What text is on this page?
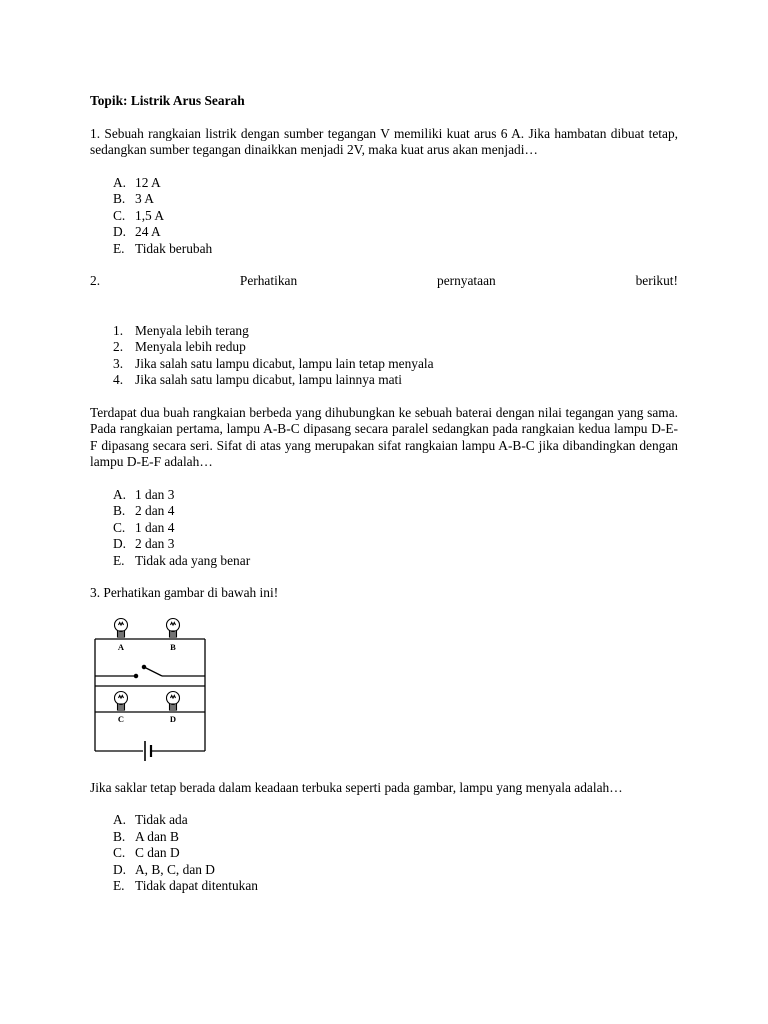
Topik: Listrik Arus Searah

1. Sebuah rangkaian listrik dengan sumber tegangan V memiliki kuat arus 6 A. Jika hambatan dibuat tetap, sedangkan sumber tegangan dinaikkan menjadi 2V, maka kuat arus akan menjadi…

A. 12 A
B. 3 A
C. 1,5 A
D. 24 A
E. Tidak berubah
2.	Perhatikan	pernyataan	berikut!
1. Menyala lebih terang
2. Menyala lebih redup
3. Jika salah satu lampu dicabut, lampu lain tetap menyala
4. Jika salah satu lampu dicabut, lampu lainnya mati

Terdapat dua buah rangkaian berbeda yang dihubungkan ke sebuah baterai dengan nilai tegangan yang sama. Pada rangkaian pertama, lampu A-B-C dipasang secara paralel sedangkan pada rangkaian kedua lampu D-E-F dipasang secara seri. Sifat di atas yang merupakan sifat rangkaian lampu A-B-C jika dibandingkan dengan lampu D-E-F adalah…

A. 1 dan 3
B. 2 dan 4
C. 1 dan 4
D. 2 dan 3
E. Tidak ada yang benar

3. Perhatikan gambar di bawah ini!

A	B
C	D

Jika saklar tetap berada dalam keadaan terbuka seperti pada gambar, lampu yang menyala adalah…

A. Tidak ada
B. A dan B
C. C dan D
D. A, B, C, dan D
E. Tidak dapat ditentukan
